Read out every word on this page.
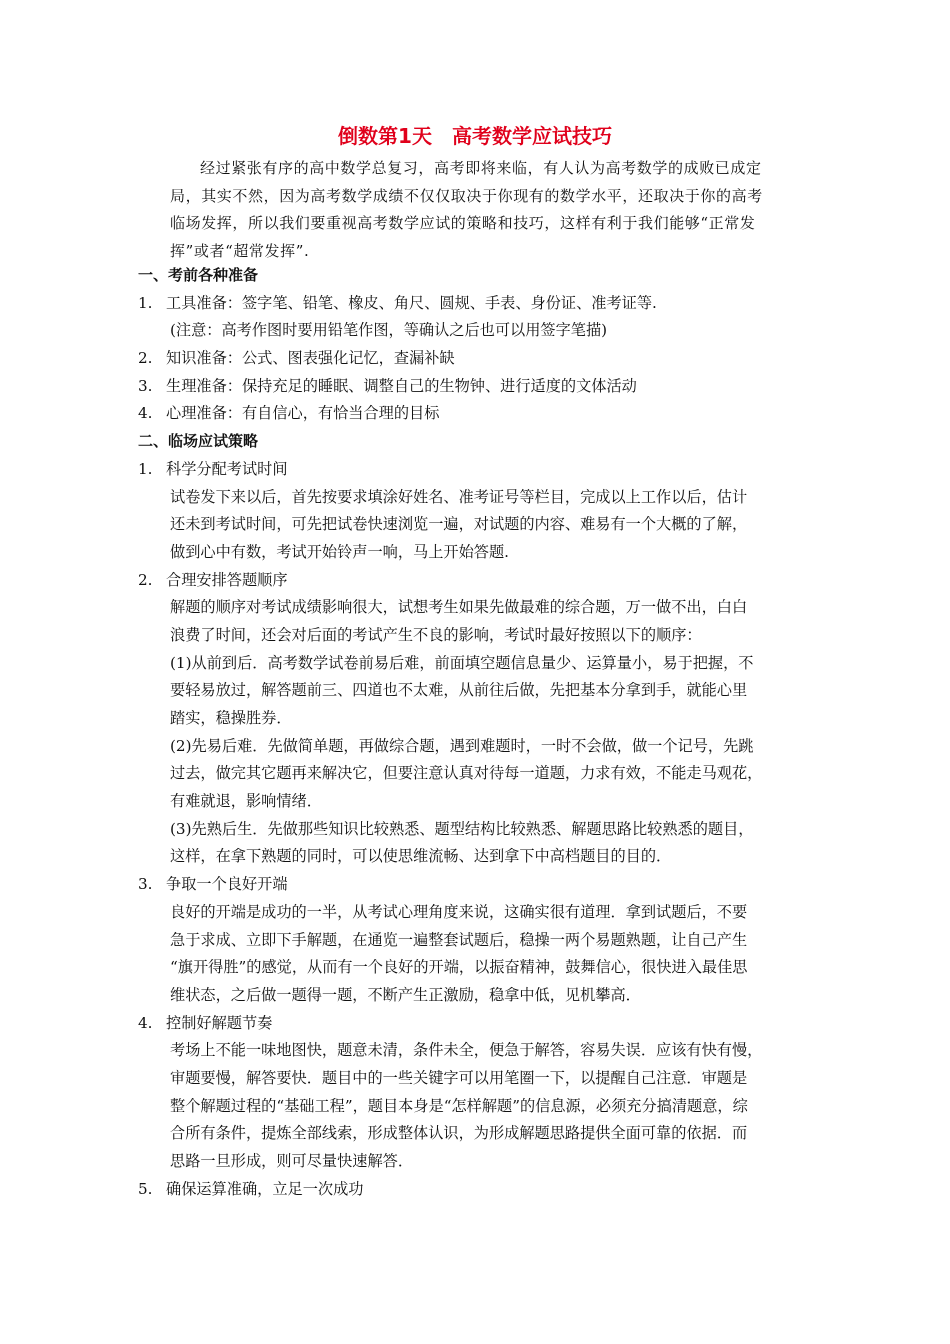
倒数第1天　高考数学应试技巧
经过紧张有序的高中数学总复习，高考即将来临，有人认为高考数学的成败已成定
局，其实不然，因为高考数学成绩不仅仅取决于你现有的数学水平，还取决于你的高考
临场发挥，所以我们要重视高考数学应试的策略和技巧，这样有利于我们能够“正常发
挥”或者“超常发挥”.
一、考前各种准备
1. 工具准备：签字笔、铅笔、橡皮、角尺、圆规、手表、身份证、准考证等.
(注意：高考作图时要用铅笔作图，等确认之后也可以用签字笔描)
2. 知识准备：公式、图表强化记忆，查漏补缺
3. 生理准备：保持充足的睡眠、调整自己的生物钟、进行适度的文体活动
4. 心理准备：有自信心，有恰当合理的目标
二、临场应试策略
1. 科学分配考试时间
试卷发下来以后，首先按要求填涂好姓名、准考证号等栏目，完成以上工作以后，估计
还未到考试时间，可先把试卷快速浏览一遍，对试题的内容、难易有一个大概的了解，
做到心中有数，考试开始铃声一响，马上开始答题.
2. 合理安排答题顺序
解题的顺序对考试成绩影响很大，试想考生如果先做最难的综合题，万一做不出，白白
浪费了时间，还会对后面的考试产生不良的影响，考试时最好按照以下的顺序：
(1)从前到后．高考数学试卷前易后难，前面填空题信息量少、运算量小，易于把握，不
要轻易放过，解答题前三、四道也不太难，从前往后做，先把基本分拿到手，就能心里
踏实，稳操胜券．
(2)先易后难．先做简单题，再做综合题，遇到难题时，一时不会做，做一个记号，先跳
过去，做完其它题再来解决它，但要注意认真对待每一道题，力求有效，不能走马观花，
有难就退，影响情绪．
(3)先熟后生．先做那些知识比较熟悉、题型结构比较熟悉、解题思路比较熟悉的题目，
这样，在拿下熟题的同时，可以使思维流畅、达到拿下中高档题目的目的．
3. 争取一个良好开端
良好的开端是成功的一半，从考试心理角度来说，这确实很有道理．拿到试题后，不要
急于求成、立即下手解题，在通览一遍整套试题后，稳操一两个易题熟题，让自己产生
“旗开得胜”的感觉，从而有一个良好的开端，以振奋精神，鼓舞信心，很快进入最佳思
维状态，之后做一题得一题，不断产生正激励，稳拿中低，见机攀高．
4. 控制好解题节奏
考场上不能一味地图快，题意未清，条件未全，便急于解答，容易失误．应该有快有慢，
审题要慢，解答要快．题目中的一些关键字可以用笔圈一下，以提醒自己注意．审题是
整个解题过程的“基础工程”，题目本身是“怎样解题”的信息源，必须充分搞清题意，综
合所有条件，提炼全部线索，形成整体认识，为形成解题思路提供全面可靠的依据．而
思路一旦形成，则可尽量快速解答．
5. 确保运算准确，立足一次成功
